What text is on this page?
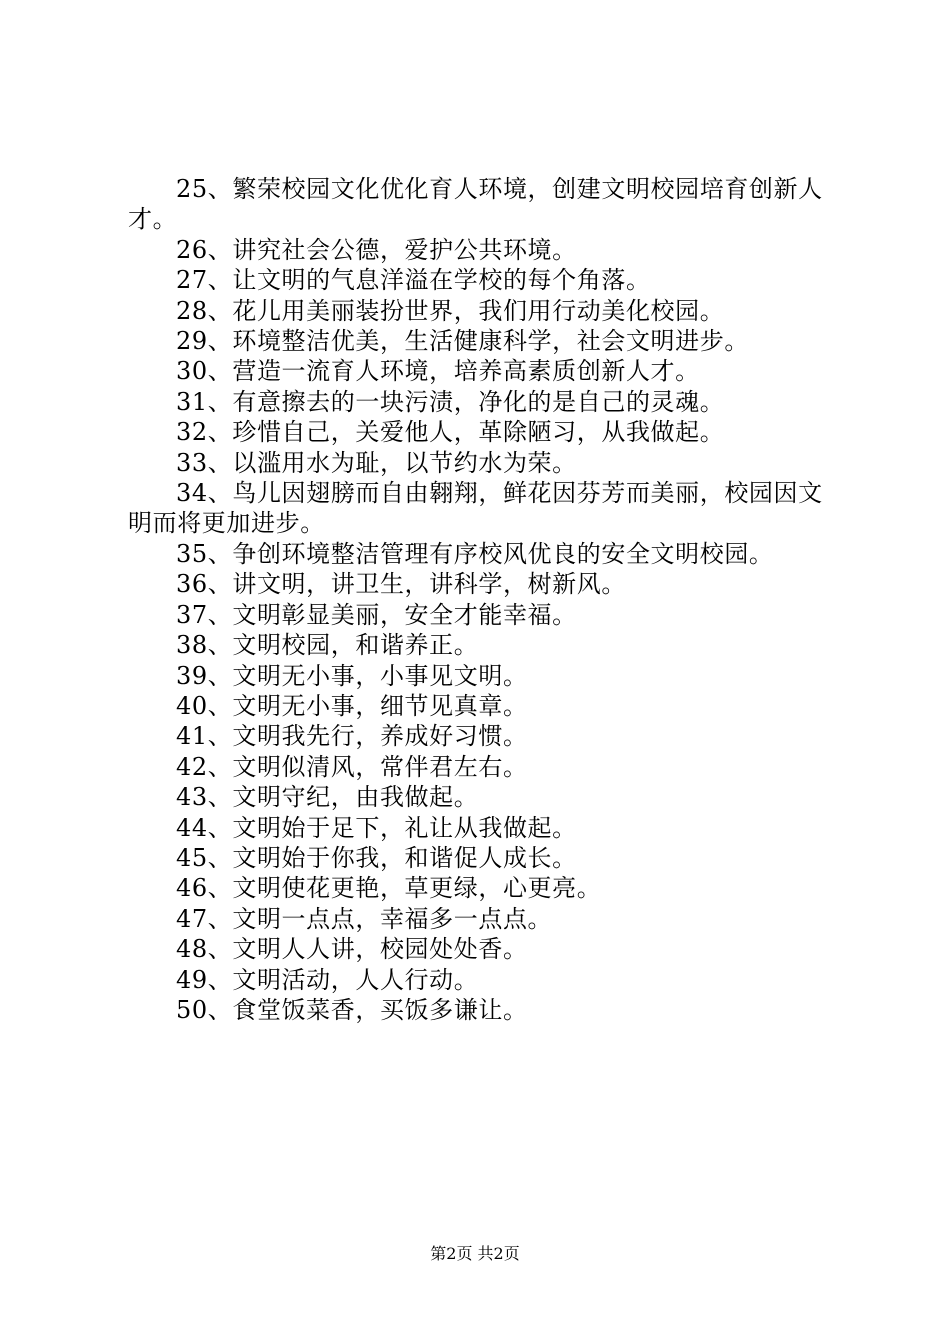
25、繁荣校园文化优化育人环境，创建文明校园培育创新人才。

26、讲究社会公德，爱护公共环境。

27、让文明的气息洋溢在学校的每个角落。

28、花儿用美丽装扮世界，我们用行动美化校园。

29、环境整洁优美，生活健康科学，社会文明进步。

30、营造一流育人环境，培养高素质创新人才。

31、有意擦去的一块污渍，净化的是自己的灵魂。

32、珍惜自己，关爱他人，革除陋习，从我做起。

33、以滥用水为耻，以节约水为荣。

34、鸟儿因翅膀而自由翱翔，鲜花因芬芳而美丽，校园因文明而将更加进步。

35、争创环境整洁管理有序校风优良的安全文明校园。

36、讲文明，讲卫生，讲科学，树新风。

37、文明彰显美丽，安全才能幸福。

38、文明校园，和谐养正。

39、文明无小事，小事见文明。

40、文明无小事，细节见真章。

41、文明我先行，养成好习惯。

42、文明似清风，常伴君左右。

43、文明守纪，由我做起。

44、文明始于足下，礼让从我做起。

45、文明始于你我，和谐促人成长。

46、文明使花更艳，草更绿，心更亮。

47、文明一点点，幸福多一点点。

48、文明人人讲，校园处处香。

49、文明活动，人人行动。

50、食堂饭菜香，买饭多谦让。

第2页 共2页
